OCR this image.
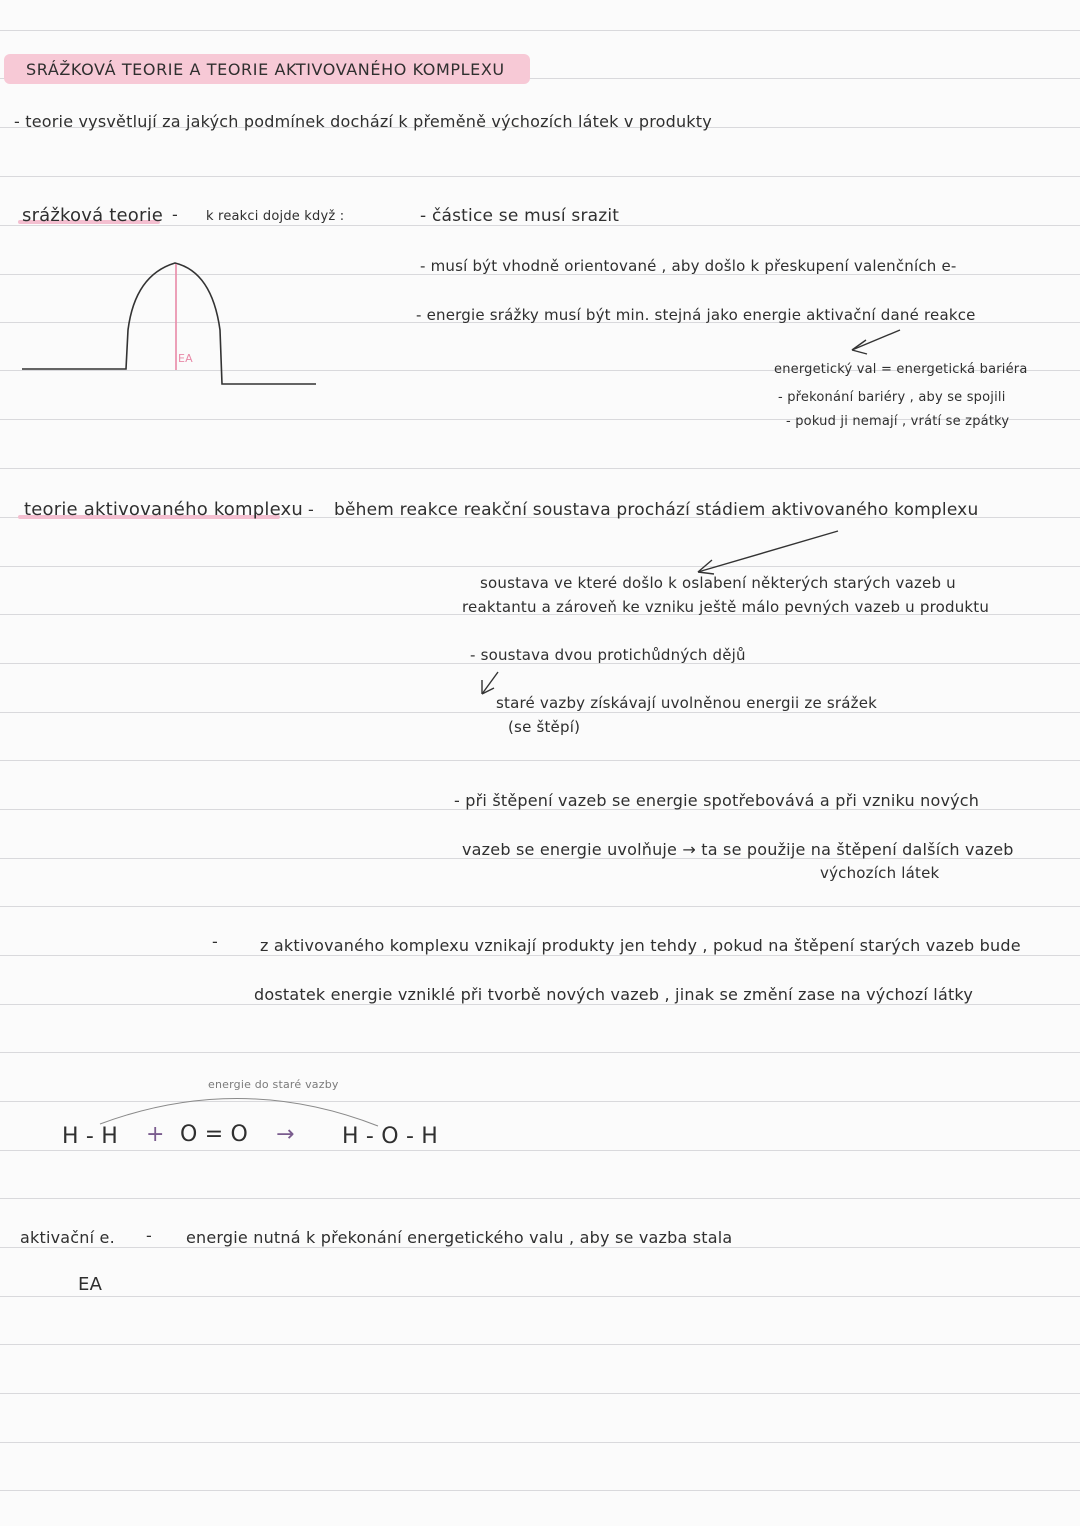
SRÁŽKOVÁ TEORIE A TEORIE AKTIVOVANÉHO KOMPLEXU
- teorie vysvětlují za jakých podmínek dochází k přeměně výchozích látek v produkty
srážková teorie - k reakci dojde když :	- částice se musí srazit
- musí být vhodně orientované , aby došlo k přeskupení valenčních e-
- energie srážky musí být min. stejná jako energie aktivační dané reakce
EA
energetický val = energetická bariéra
- překonání bariéry , aby se spojili
- pokud ji nemají , vrátí se zpátky
teorie aktivovaného komplexu - během reakce reakční soustava prochází stádiem aktivovaného komplexu
soustava ve které došlo k oslabení některých starých vazeb u
reaktantu a zároveň ke vzniku ještě málo pevných vazeb u produktu
- soustava dvou protichůdných dějů
staré vazby získávají uvolněnou energii ze srážek
(se štěpí)
- při štěpení vazeb se energie spotřebovává a při vzniku nových
vazeb se energie uvolňuje → ta se použije na štěpení dalších vazeb
výchozích látek
-	z aktivovaného komplexu vznikají produkty jen tehdy , pokud na štěpení starých vazeb bude
dostatek energie vzniklé při tvorbě nových vazeb , jinak se změní zase na výchozí látky
energie do staré vazby
H - H + O = O → H - O - H
aktivační e. - energie nutná k překonání energetického valu , aby se vazba stala
EA
